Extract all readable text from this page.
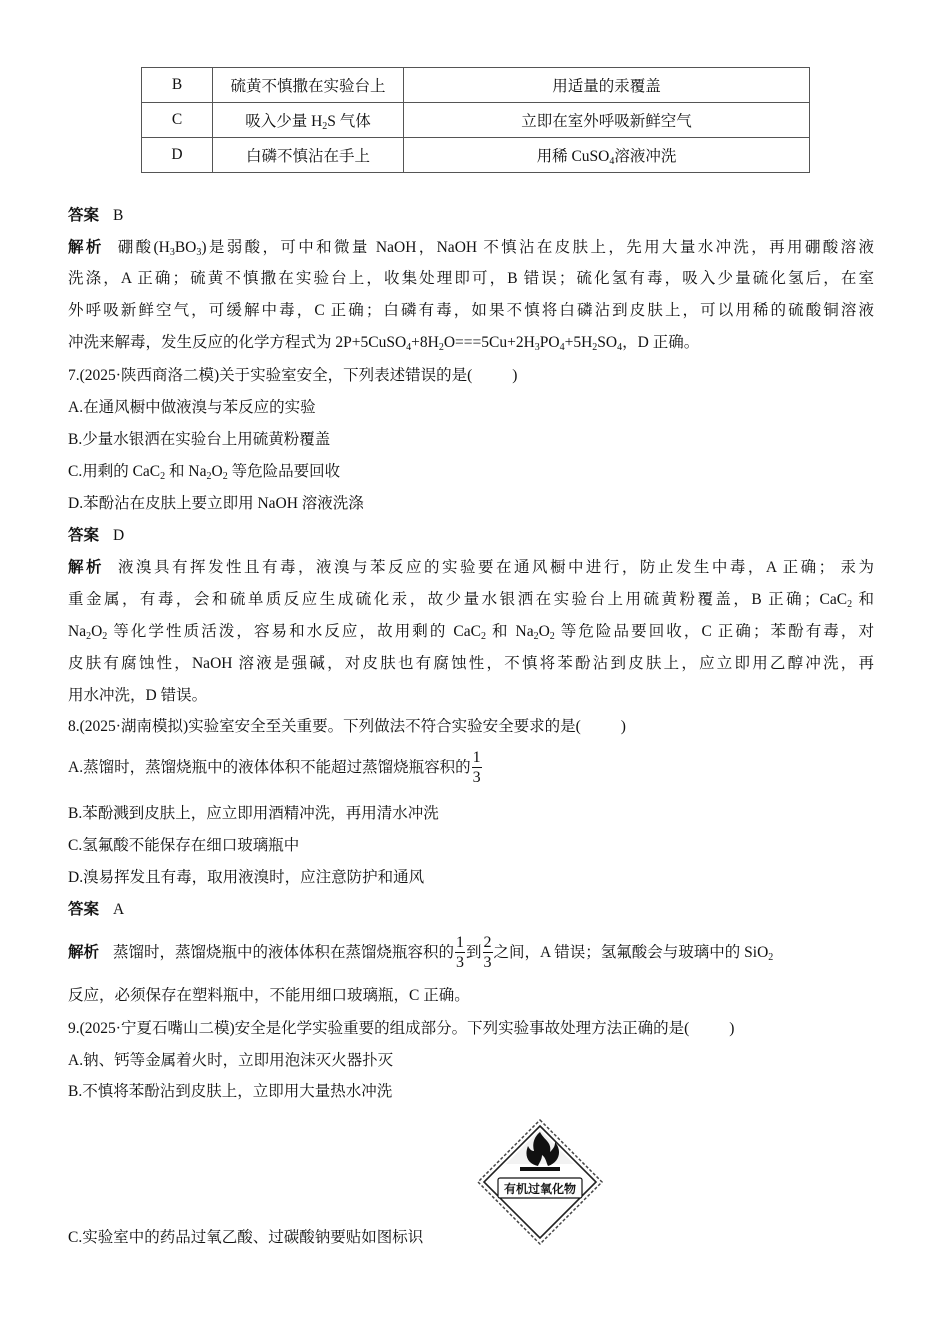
B	硫黄不慎撒在实验台上	用适量的汞覆盖
C	吸入少量 $H_2S$ 气体	立即在室外呼吸新鲜空气
D	白磷不慎沾在手上	用稀 CuSO$_4$溶液冲洗
答案 B
解析 硼酸$(H_3BO_3)$是弱酸，可中和微量 NaOH，NaOH 不慎沾在皮肤上，先用大量水冲洗，再用硼酸溶液
洗涤，A 正确；硫黄不慎撒在实验台上，收集处理即可，B 错误；硫化氢有毒，吸入少量硫化氢后，在室
外呼吸新鲜空气，可缓解中毒，C 正确；白磷有毒，如果不慎将白磷沾到皮肤上，可以用稀的硫酸铜溶液
冲洗来解毒，发生反应的化学方程式为 $2P+5CuSO_4+8H_2O===5Cu+2H_3PO_4+5H_2SO_4$，D 正确。
7.(2025·陕西商洛二模)关于实验室安全，下列表述错误的是(	)
A.在通风橱中做液溴与苯反应的实验
B.少量水银洒在实验台上用硫黄粉覆盖
C.用剩的 CaC$_2$ 和 $Na_2O_2$ 等危险品要回收
D.苯酚沾在皮肤上要立即用 NaOH 溶液洗涤
答案 D
解析 液溴具有挥发性且有毒，液溴与苯反应的实验要在通风橱中进行，防止发生中毒，A 正确； 汞为
重金属，有毒，会和硫单质反应生成硫化汞，故少量水银洒在实验台上用硫黄粉覆盖，B 正确；CaC$_2$ 和
$Na_2O_2$ 等化学性质活泼，容易和水反应，故用剩的 CaC$_2$ 和 $Na_2O_2$ 等危险品要回收，C 正确；苯酚有毒，对
皮肤有腐蚀性，NaOH 溶液是强碱，对皮肤也有腐蚀性，不慎将苯酚沾到皮肤上，应立即用乙醇冲洗，再
用水冲洗，D 错误。
8.(2025·湖南模拟)实验室安全至关重要。下列做法不符合实验安全要求的是(	)
A.蒸馏时，蒸馏烧瓶中的液体体积不能超过蒸馏烧瓶容积的 $\frac{1}{3}$
B.苯酚溅到皮肤上，应立即用酒精冲洗，再用清水冲洗
C.氢氟酸不能保存在细口玻璃瓶中
D.溴易挥发且有毒，取用液溴时，应注意防护和通风
答案 A
解析 蒸馏时，蒸馏烧瓶中的液体体积在蒸馏烧瓶容积的 $\frac{1}{3}$ 到 $\frac{2}{3}$ 之间，A 错误；氢氟酸会与玻璃中的 SiO$_2$
反应，必须保存在塑料瓶中，不能用细口玻璃瓶，C 正确。
9.(2025·宁夏石嘴山二模)安全是化学实验重要的组成部分。下列实验事故处理方法正确的是(	)
A.钠、钙等金属着火时，立即用泡沫灭火器扑灭
B.不慎将苯酚沾到皮肤上，立即用大量热水冲洗
有机过氧化物
C.实验室中的药品过氧乙酸、过碳酸钠要贴如图标识
